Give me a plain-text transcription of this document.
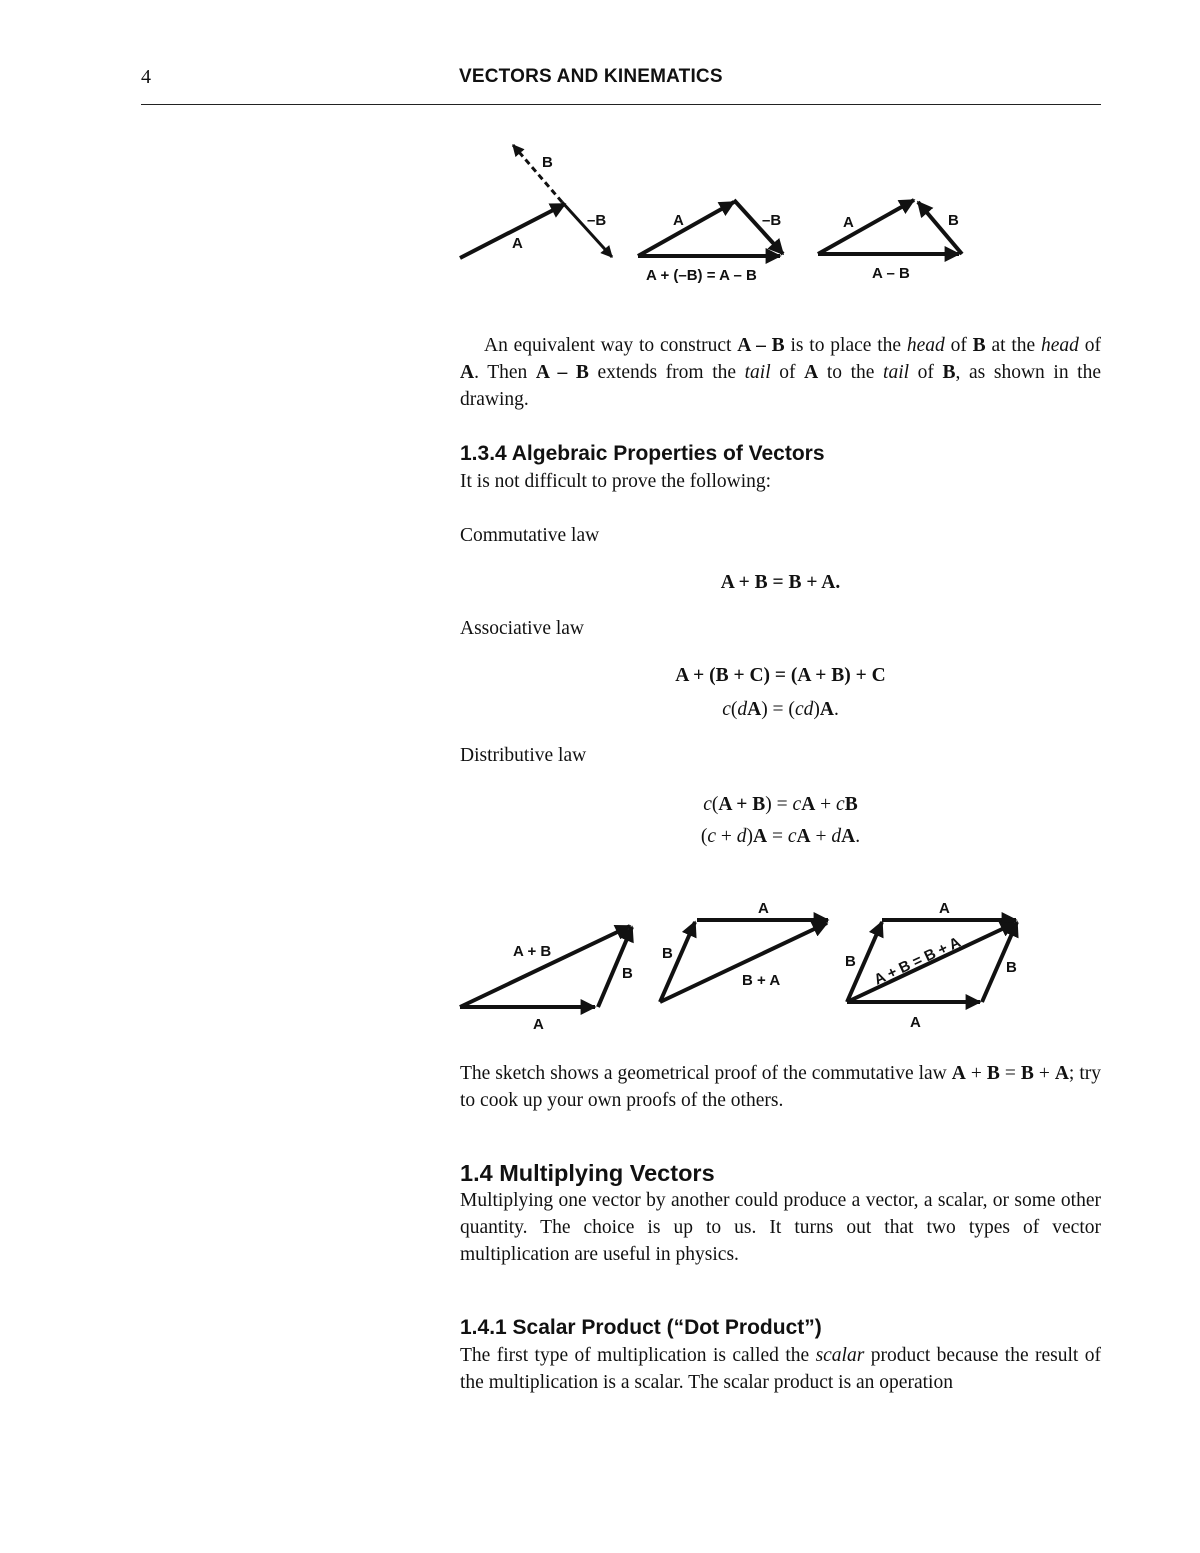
4	VECTORS AND KINEMATICS
B
A
–B	A	–B
A + (–B) = A – B
A	B
A – B

An equivalent way to construct A – B is to place the head of B at the head of A. Then A – B extends from the tail of A to the tail of B, as shown in the drawing.

1.3.4 Algebraic Properties of Vectors

It is not difficult to prove the following:

Commutative law
A + B = B + A.
Associative law
A + (B + C) = (A + B) + C
c(dA) = (cd)A.
Distributive law
c(A + B) = cA + cB
(c + d)A = cA + dA.
A + B
B
A
A
B
B + A
A
B A + B = B + A	B
A

The sketch shows a geometrical proof of the commutative law A + B = B + A; try to cook up your own proofs of the others.

1.4 Multiplying Vectors

Multiplying one vector by another could produce a vector, a scalar, or some other quantity. The choice is up to us. It turns out that two types of vector multiplication are useful in physics.

1.4.1 Scalar Product (“Dot Product”)

The first type of multiplication is called the scalar product because the result of the multiplication is a scalar. The scalar product is an operation
